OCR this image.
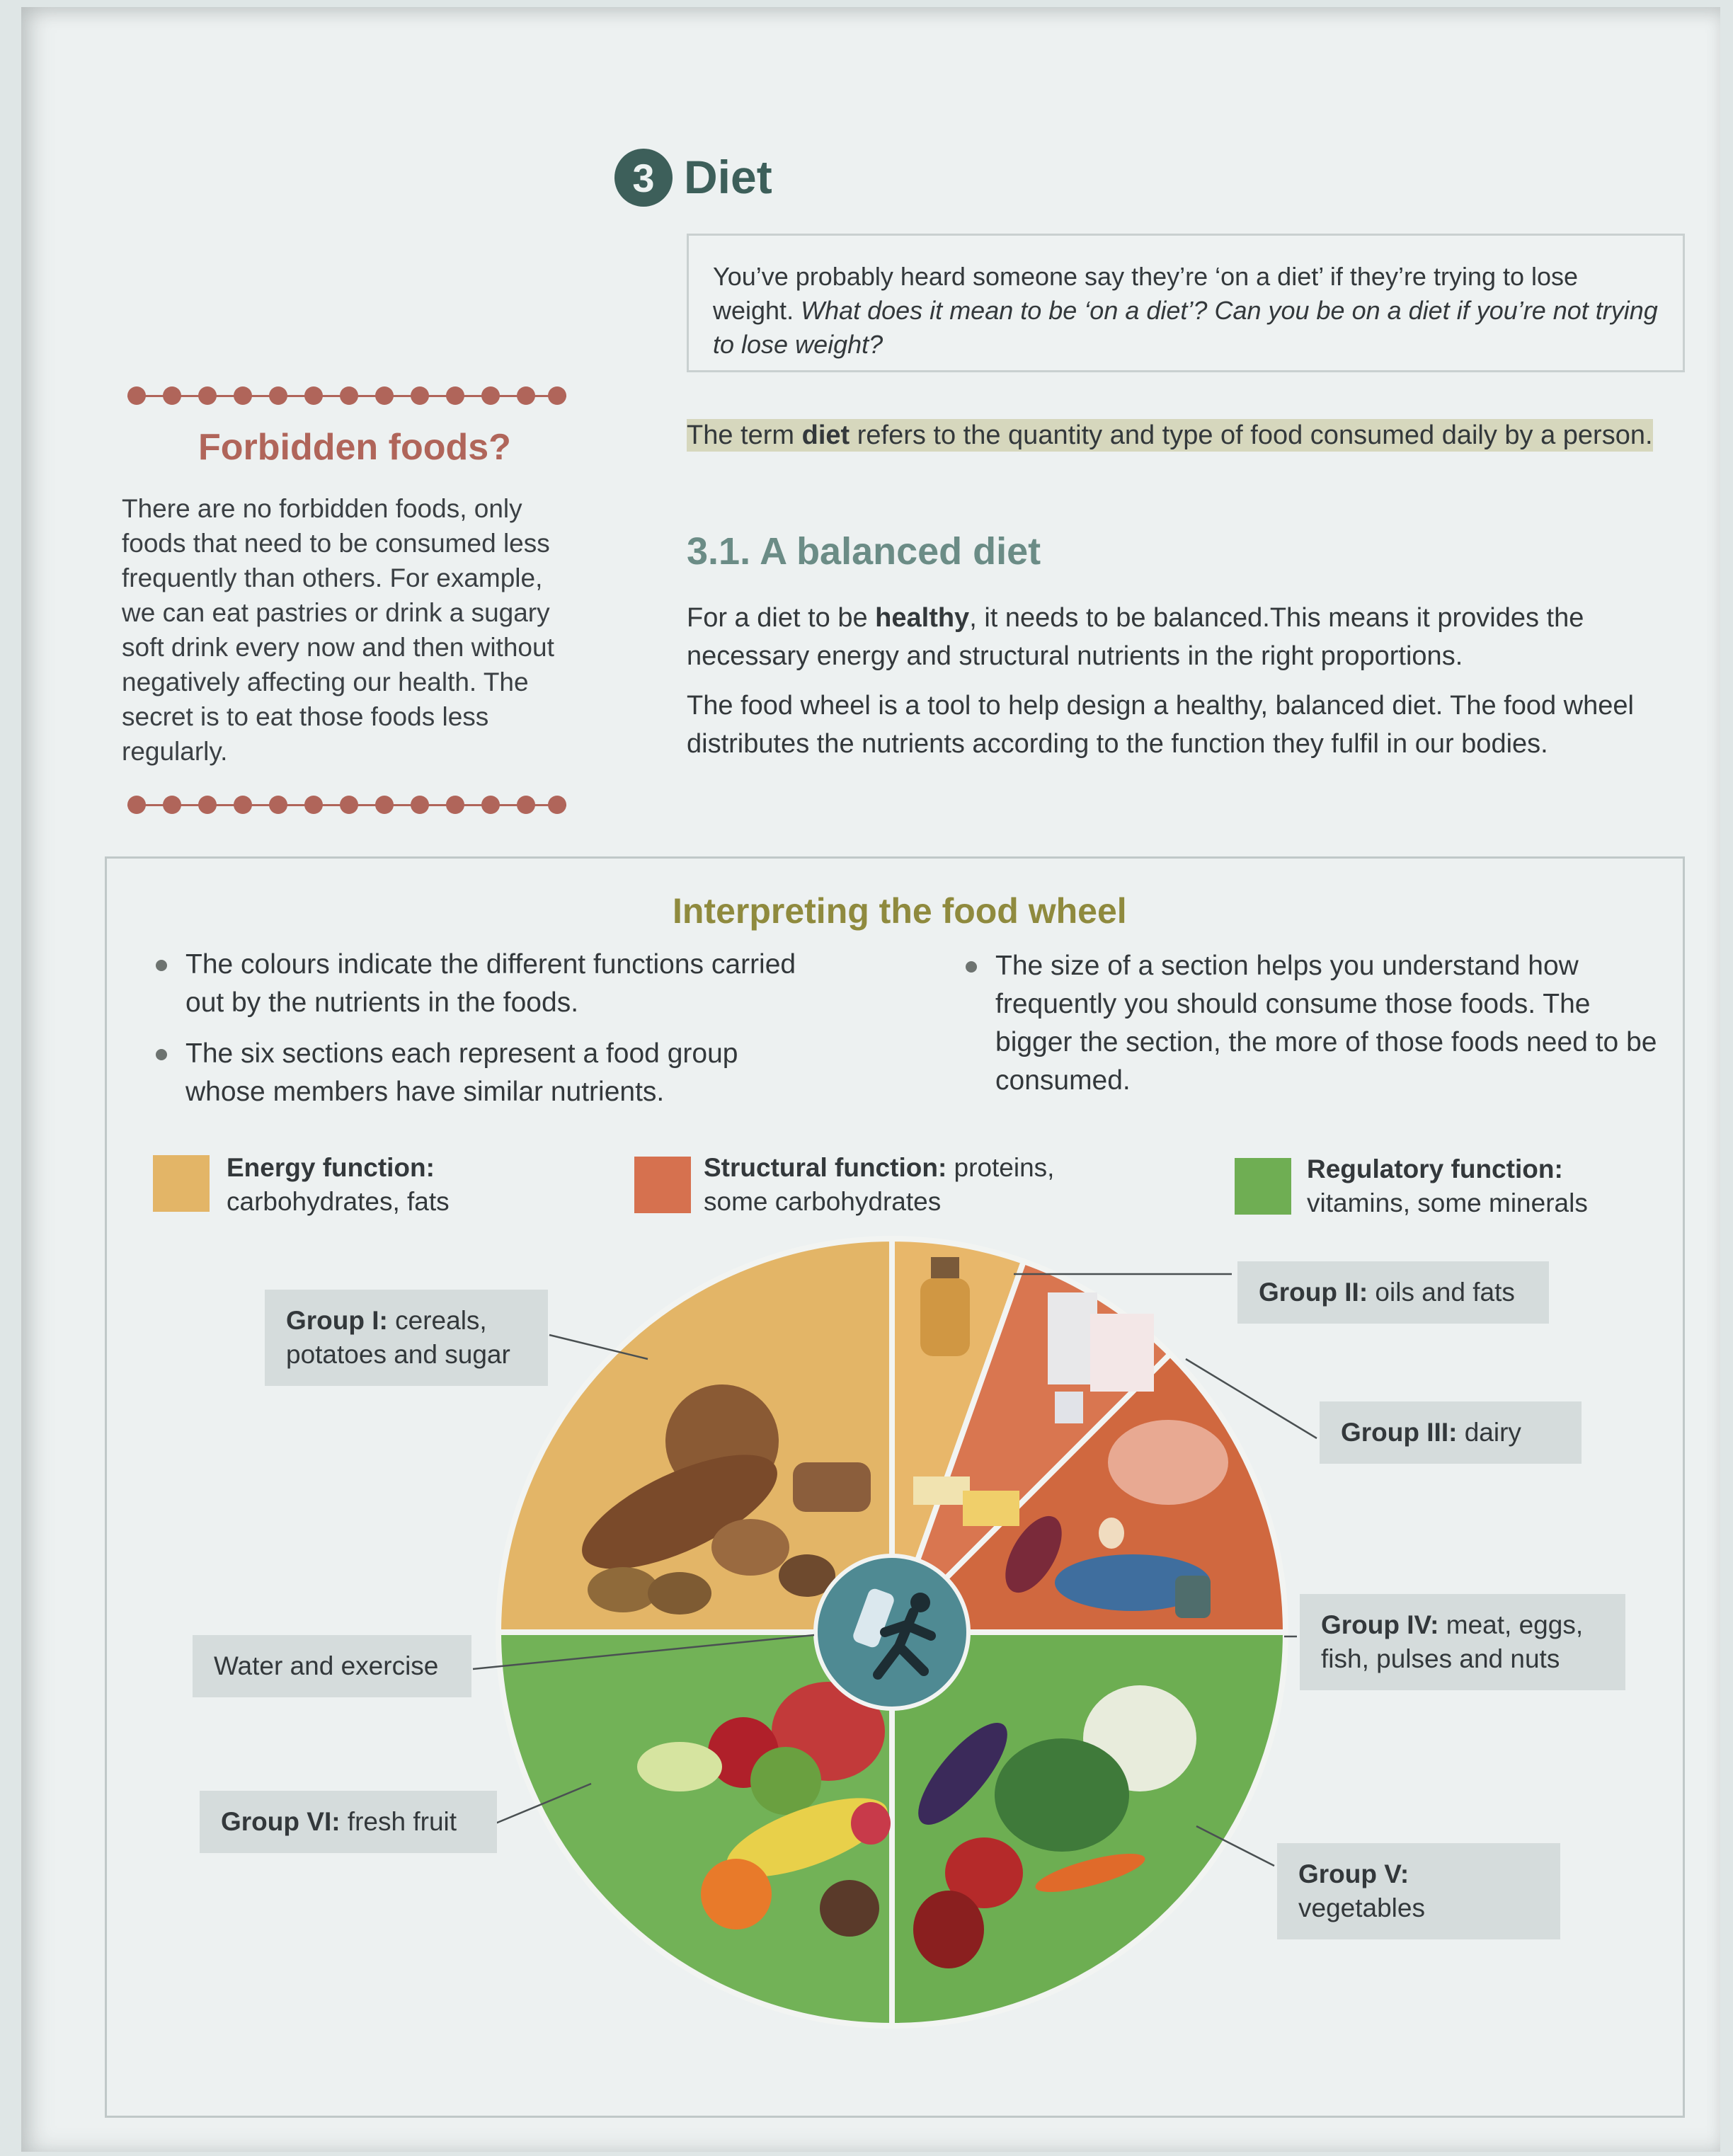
3 Diet
You’ve probably heard someone say they’re ‘on a diet’ if they’re trying to lose weight. What does it mean to be ‘on a diet’? Can you be on a diet if you’re not trying to lose weight?
Forbidden foods?
There are no forbidden foods, only foods that need to be consumed less frequently than others. For example, we can eat pastries or drink a sugary soft drink every now and then without negatively affecting our health. The secret is to eat those foods less regularly.
The term diet refers to the quantity and type of food consumed daily by a person.
3.1. A balanced diet
For a diet to be healthy, it needs to be balanced.This means it provides the necessary energy and structural nutrients in the right proportions.
The food wheel is a tool to help design a healthy, balanced diet. The food wheel distributes the nutrients according to the function they fulfil in our bodies.
Interpreting the food wheel
The colours indicate the different functions carried out by the nutrients in the foods.
The six sections each represent a food group whose members have similar nutrients.
The size of a section helps you understand how frequently you should consume those foods. The bigger the section, the more of those foods need to be consumed.
Energy function:
carbohydrates, fats
Structural function: proteins,
some carbohydrates
Regulatory function:
vitamins, some minerals
Group I: cereals,
potatoes and sugar
Group II: oils and fats
Group III: dairy
Group IV: meat, eggs,
fish, pulses and nuts
Group V: vegetables
Group VI: fresh fruit
Water and exercise
